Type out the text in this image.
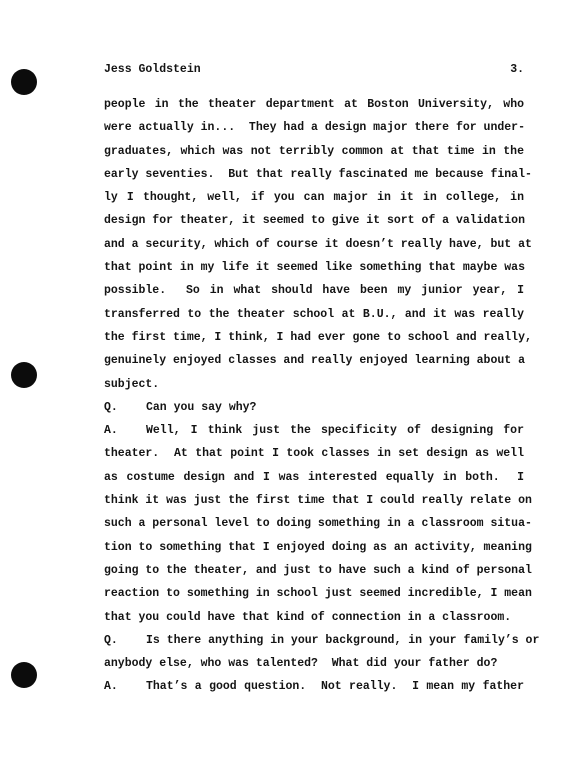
Jess Goldstein	3.
people in the theater department at Boston University, who
were actually in...  They had a design major there for under-
graduates, which was not terribly common at that time in the
early seventies.  But that really fascinated me because final-
ly I thought, well, if you can major in it in college, in
design for theater, it seemed to give it sort of a validation
and a security, which of course it doesn’t really have, but at
that point in my life it seemed like something that maybe was
possible.  So in what should have been my junior year, I
transferred to the theater school at B.U., and it was really
the first time, I think, I had ever gone to school and really,
genuinely enjoyed classes and really enjoyed learning about a
subject.
Q. Can you say why?
A. Well, I think just the specificity of designing for
theater.  At that point I took classes in set design as well
as costume design and I was interested equally in both.  I
think it was just the first time that I could really relate on
such a personal level to doing something in a classroom situa-
tion to something that I enjoyed doing as an activity, meaning
going to the theater, and just to have such a kind of personal
reaction to something in school just seemed incredible, I mean
that you could have that kind of connection in a classroom.
Q. Is there anything in your background, in your family’s or
anybody else, who was talented?  What did your father do?
A. That’s a good question.  Not really.  I mean my father
